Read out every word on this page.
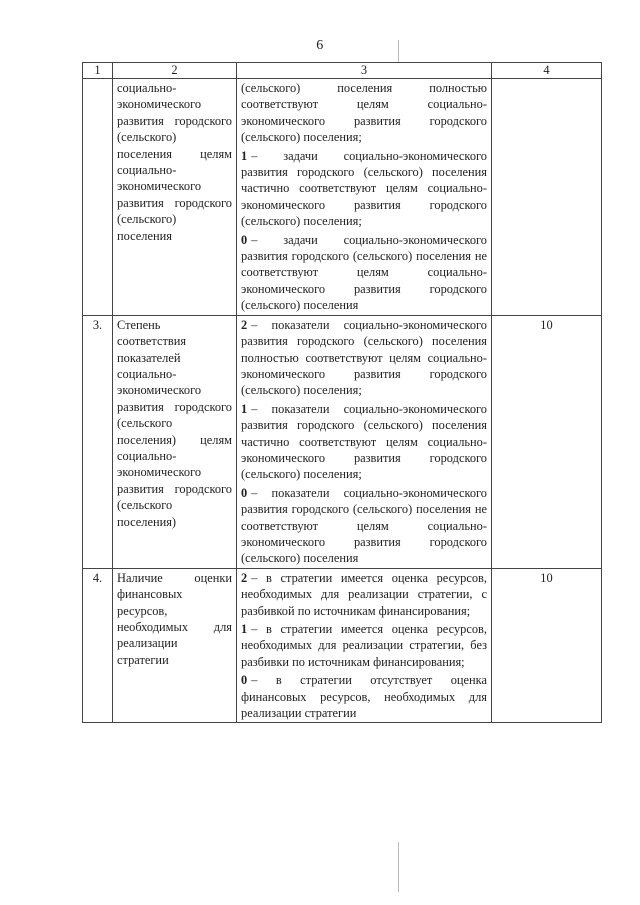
6
1	2	3	4
	социально-экономического развития городского (сельского) поселения целям социально-экономического развития городского (сельского) поселения	(сельского) поселения полностью соответствуют целям социально-экономического развития городского (сельского) поселения;
1 – задачи социально-экономического развития городского (сельского) поселения частично соответствуют целям социально-экономического развития городского (сельского) поселения;
0 – задачи социально-экономического развития городского (сельского) поселения не соответствуют целям социально-экономического развития городского (сельского) поселения	

3.	Степень соответствия показателей социально-экономического развития городского (сельского поселения) целям социально-экономического развития городского (сельского поселения)	2 – показатели социально-экономического развития городского (сельского) поселения полностью соответствуют целям социально-экономического развития городского (сельского) поселения;
1 – показатели социально-экономического развития городского (сельского) поселения частично соответствуют целям социально-экономического развития городского (сельского) поселения;
0 – показатели социально-экономического развития городского (сельского) поселения не соответствуют целям социально-экономического развития городского (сельского) поселения	10
4.	Наличие оценки финансовых ресурсов, необходимых для реализации стратегии	2 – в стратегии имеется оценка ресурсов, необходимых для реализации стратегии, с разбивкой по источникам финансирования;
1 – в стратегии имеется оценка ресурсов, необходимых для реализации стратегии, без разбивки по источникам финансирования;
0 – в стратегии отсутствует оценка финансовых ресурсов, необходимых для реализации стратегии	10
